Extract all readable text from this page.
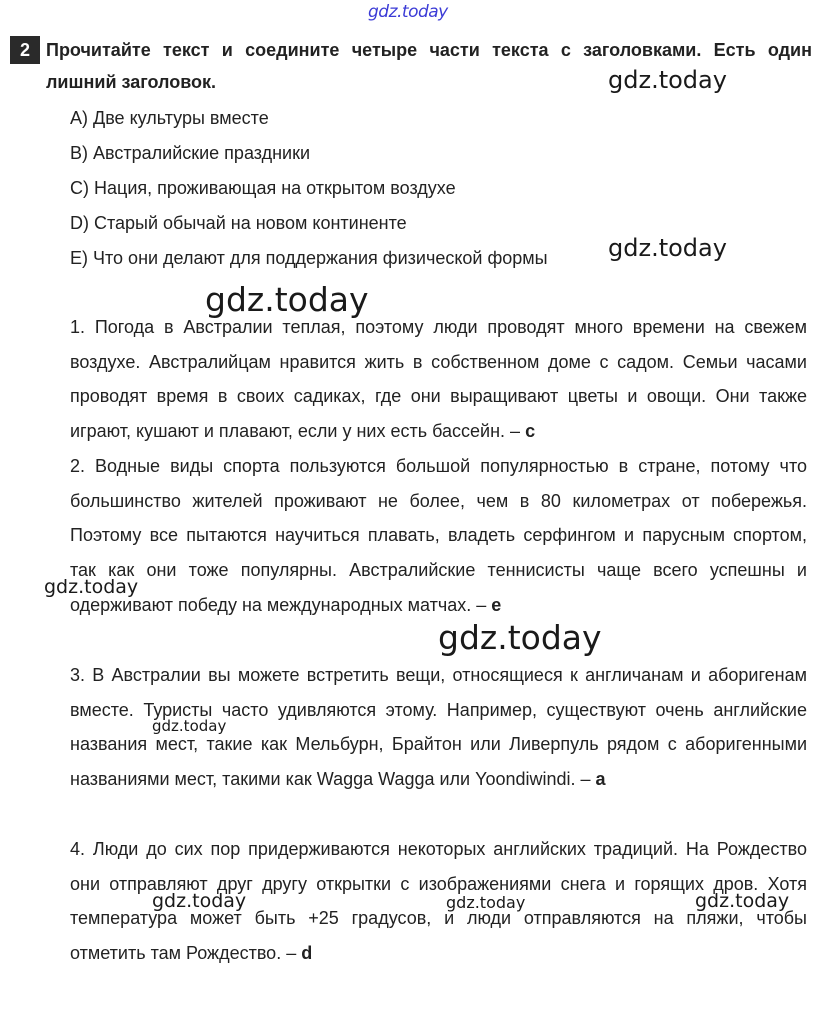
gdz.today
2 Прочитайте текст и соедините четыре части текста с заголовками. Есть один лишний заголовок.
A) Две культуры вместе
B) Австралийские праздники
C) Нация, проживающая на открытом воздухе
D) Старый обычай на новом континенте
E) Что они делают для поддержания физической формы
1. Погода в Австралии теплая, поэтому люди проводят много времени на свежем воздухе. Австралийцам нравится жить в собственном доме с садом. Семьи часами проводят время в своих садиках, где они выращивают цветы и овощи. Они также играют, кушают и плавают, если у них есть бассейн. – c
2. Водные виды спорта пользуются большой популярностью в стране, потому что большинство жителей проживают не более, чем в 80 километрах от побережья. Поэтому все пытаются научиться плавать, владеть серфингом и парусным спортом, так как они тоже популярны. Австралийские теннисисты чаще всего успешны и одерживают победу на международных матчах. – e
3. В Австралии вы можете встретить вещи, относящиеся к англичанам и аборигенам вместе. Туристы часто удивляются этому. Например, существуют очень английские названия мест, такие как Мельбурн, Брайтон или Ливерпуль рядом с аборигенными названиями мест, такими как Wagga Wagga или Yoondiwindi. – a
4. Люди до сих пор придерживаются некоторых английских традиций. На Рождество они отправляют друг другу открытки с изображениями снега и горящих дров. Хотя температура может быть +25 градусов, и люди отправляются на пляжи, чтобы отметить там Рождество. – d
gdz.today
gdz.today
gdz.today
gdz.today
gdz.today
gdz.today
gdz.today	gdz.today	gdz.today
